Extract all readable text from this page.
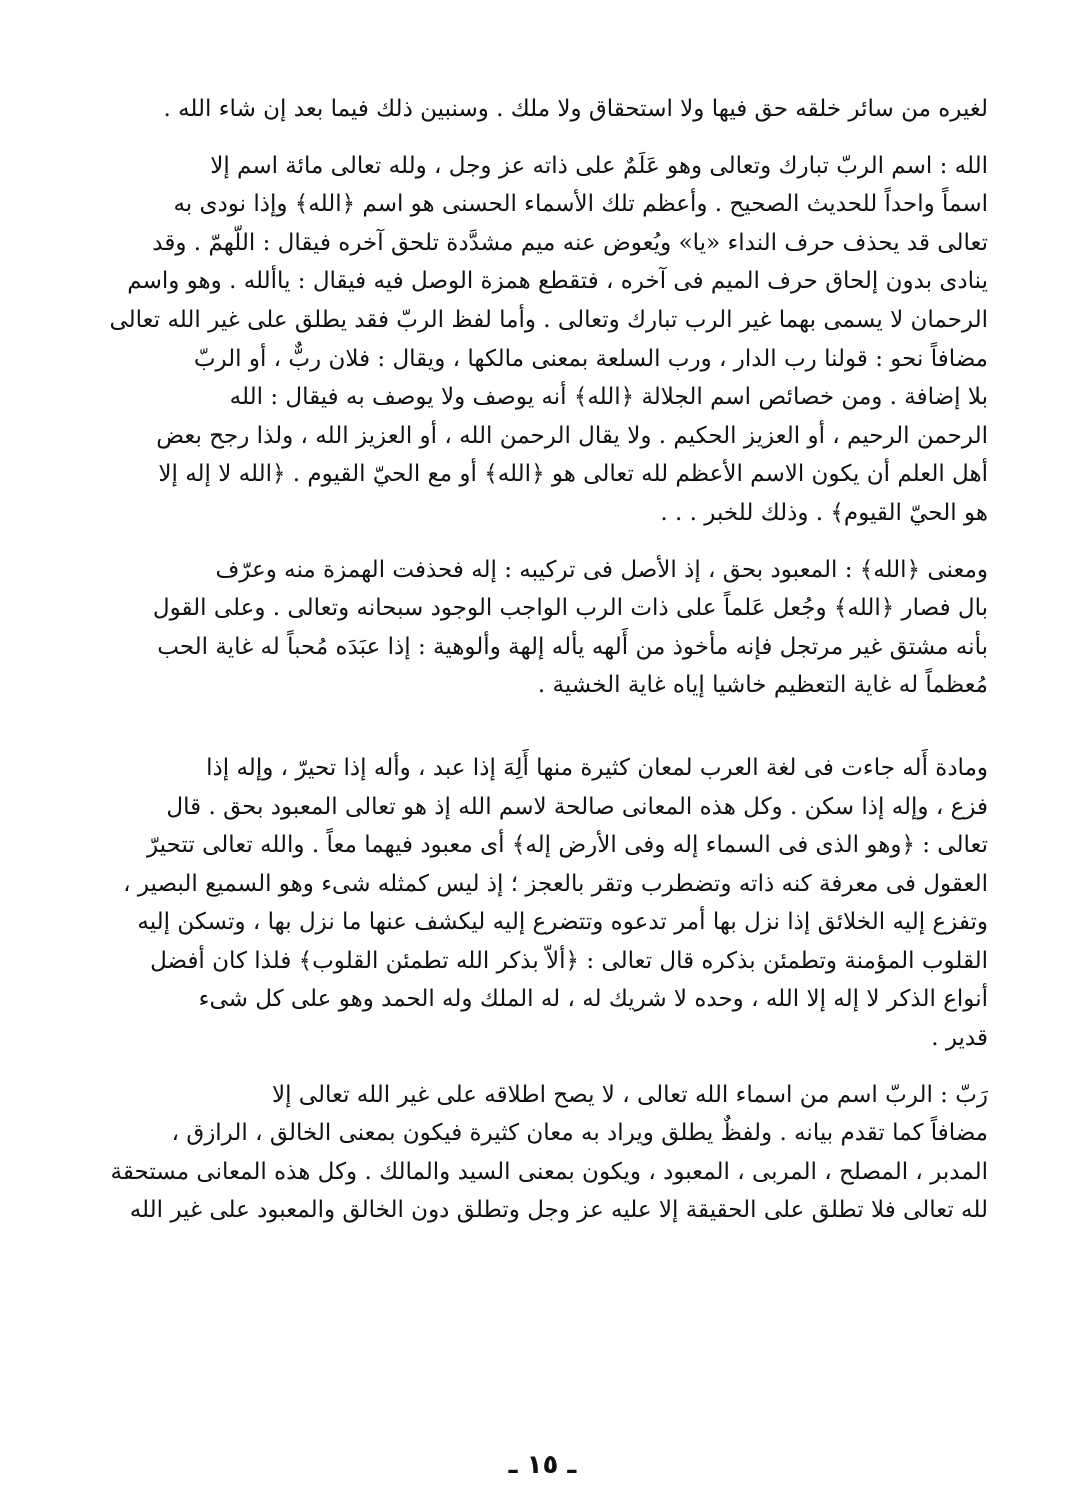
لغيره من سائر خلقه حق فيها ولا استحقاق ولا ملك . وسنبين ذلك فيما بعد إن شاء الله .

الله : اسم الربّ تبارك وتعالى وهو عَلَمٌ على ذاته عز وجل ، ولله تعالى مائة اسم إلا
اسماً واحداً للحديث الصحيح . وأعظم تلك الأسماء الحسنى هو اسم ﴿الله﴾ وإذا نودى به
تعالى قد يحذف حرف النداء «يا» ويُعوض عنه ميم مشدَّدة تلحق آخره فيقال : اللّهمّ . وقد
ينادى بدون إلحاق حرف الميم فى آخره ، فتقطع همزة الوصل فيه فيقال : ياألله . وهو واسم
الرحمان لا يسمى بهما غير الرب تبارك وتعالى . وأما لفظ الربّ فقد يطلق على غير الله تعالى
مضافاً نحو : قولنا رب الدار ، ورب السلعة بمعنى مالكها ، ويقال : فلان ربٌّ ، أو الربّ
بلا إضافة . ومن خصائص اسم الجلالة ﴿الله﴾ أنه يوصف ولا يوصف به فيقال : الله
الرحمن الرحيم ، أو العزيز الحكيم . ولا يقال الرحمن الله ، أو العزيز الله ، ولذا رجح بعض
أهل العلم أن يكون الاسم الأعظم لله تعالى هو ﴿الله﴾ أو مع الحيّ القيوم . ﴿الله لا إله إلا
هو الحيّ القيوم﴾ . وذلك للخبر . . .

ومعنى ﴿الله﴾ : المعبود بحق ، إذ الأصل فى تركيبه : إله فحذفت الهمزة منه وعرّف
بال فصار ﴿الله﴾ وجُعل عَلماً على ذات الرب الواجب الوجود سبحانه وتعالى . وعلى القول
بأنه مشتق غير مرتجل فإنه مأخوذ من أَلهه يأله إلهة وألوهية : إذا عبَدَه مُحباً له غاية الحب
مُعظماً له غاية التعظيم خاشيا إياه غاية الخشية .

ومادة أَله جاءت فى لغة العرب لمعان كثيرة منها أَلِهَ إذا عبد ، وأله إذا تحيرّ ، وإله إذا
فزع ، وإله إذا سكن . وكل هذه المعانى صالحة لاسم الله إذ هو تعالى المعبود بحق . قال
تعالى : ﴿وهو الذى فى السماء إله وفى الأرض إله﴾ أى معبود فيهما معاً . والله تعالى تتحيرّ
العقول فى معرفة كنه ذاته وتضطرب وتقر بالعجز ؛ إذ ليس كمثله شىء وهو السميع البصير ،
وتفزع إليه الخلائق إذا نزل بها أمر تدعوه وتتضرع إليه ليكشف عنها ما نزل بها ، وتسكن إليه
القلوب المؤمنة وتطمئن بذكره قال تعالى : ﴿ألاّ بذكر الله تطمئن القلوب﴾ فلذا كان أفضل
أنواع الذكر لا إله إلا الله ، وحده لا شريك له ، له الملك وله الحمد وهو على كل شىء
قدير .

رَبّ : الربّ اسم من اسماء الله تعالى ، لا يصح اطلاقه على غير الله تعالى إلا
مضافاً كما تقدم بيانه . ولفظٌ يطلق ويراد به معان كثيرة فيكون بمعنى الخالق ، الرازق ،
المدبر ، المصلح ، المربى ، المعبود ، ويكون بمعنى السيد والمالك . وكل هذه المعانى مستحقة
لله تعالى فلا تطلق على الحقيقة إلا عليه عز وجل وتطلق دون الخالق والمعبود على غير الله

ـ ١٥ ـ
